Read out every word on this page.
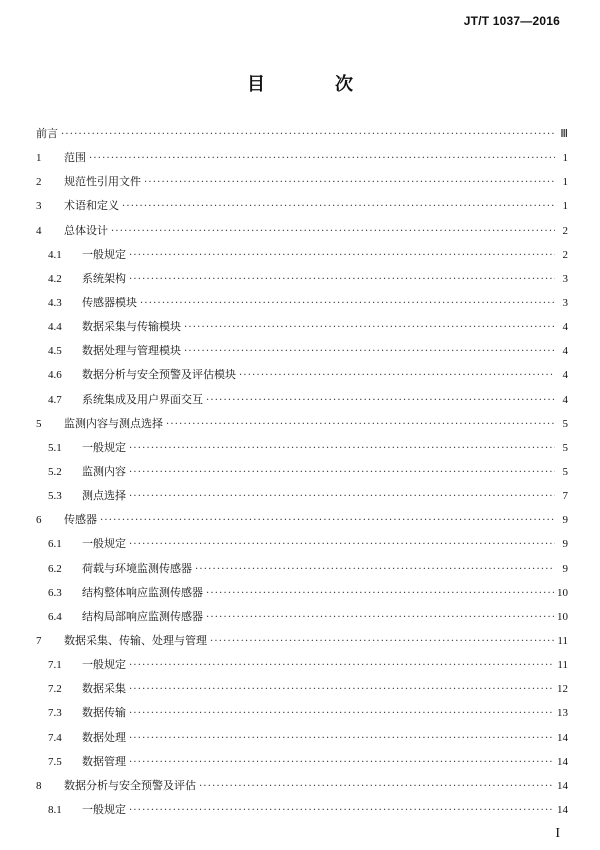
JT/T 1037—2016
目　次
前言 ·····	Ⅲ
1	范围 ·····	1
2	规范性引用文件 ·····	1
3	术语和定义 ·····	1
4	总体设计 ·····	2
4.1	一般规定 ·····	2
4.2	系统架构 ·····	3
4.3	传感器模块 ·····	3
4.4	数据采集与传输模块 ·····	4
4.5	数据处理与管理模块 ·····	4
4.6	数据分析与安全预警及评估模块 ·····	4
4.7	系统集成及用户界面交互 ·····	4
5	监测内容与测点选择 ·····	5
5.1	一般规定 ·····	5
5.2	监测内容 ·····	5
5.3	测点选择 ·····	7
6	传感器 ·····	9
6.1	一般规定 ·····	9
6.2	荷载与环境监测传感器 ·····	9
6.3	结构整体响应监测传感器 ·····	10
6.4	结构局部响应监测传感器 ·····	10
7	数据采集、传输、处理与管理 ·····	11
7.1	一般规定 ·····	11
7.2	数据采集 ·····	12
7.3	数据传输 ·····	13
7.4	数据处理 ·····	14
7.5	数据管理 ·····	14
8	数据分析与安全预警及评估 ·····	14
8.1	一般规定 ·····	14
I
